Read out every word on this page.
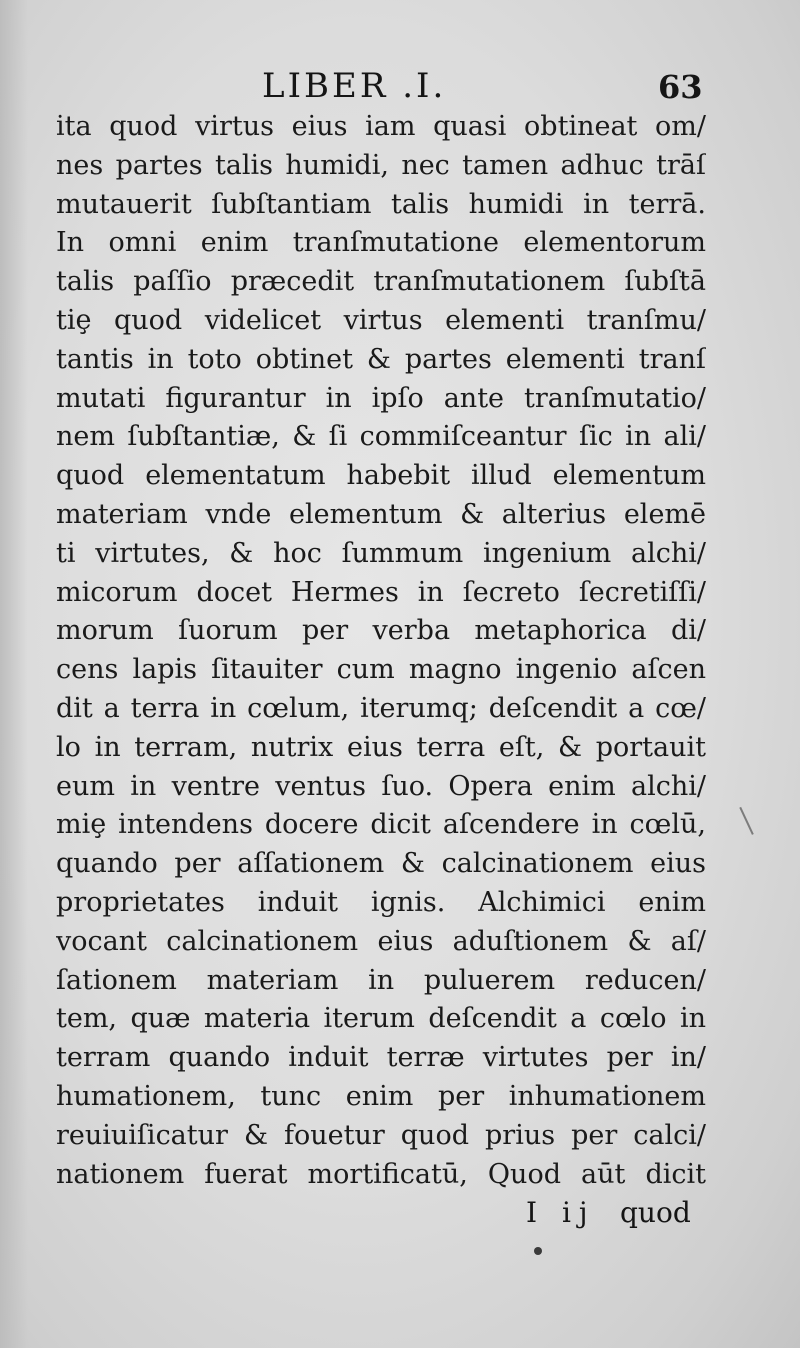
LIBER .I.	63
ita quod virtus eius iam quasi obtineat om/
nes partes talis humidi, nec tamen adhuc trāſ
mutauerit ſubſtantiam talis humidi in terrā.
In omni enim tranſmutatione elementorum
talis paſſio præcedit tranſmutationem ſubſtā
tiȩ quod videlicet virtus elementi tranſmu/
tantis in toto obtinet & partes elementi tranſ
mutati figurantur in ipſo ante tranſmutatio/
nem ſubſtantiæ, & ſi commiſceantur ſic in ali/
quod elementatum habebit illud elementum
materiam vnde elementum & alterius elemē
ti virtutes, & hoc ſummum ingenium alchi/
micorum docet Hermes in ſecreto ſecretiſſi/
morum ſuorum per verba metaphorica di/
cens lapis ſitauiter cum magno ingenio aſcen
dit a terra in cœlum, iterumq; deſcendit a cœ/
lo in terram, nutrix eius terra eſt, & portauit
eum in ventre ventus ſuo. Opera enim alchi/
miȩ intendens docere dicit aſcendere in cœlū,
quando per aſſationem & calcinationem eius
proprietates induit ignis. Alchimici enim
vocant calcinationem eius aduſtionem & aſ/
ſationem materiam in puluerem reducen/
tem, quæ materia iterum deſcendit a cœlo in
terram quando induit terræ virtutes per in/
humationem, tunc enim per inhumationem
reuiuiſicatur & fouetur quod prius per calci/
nationem fuerat mortificatū, Quod aūt dicit
I ij quod
